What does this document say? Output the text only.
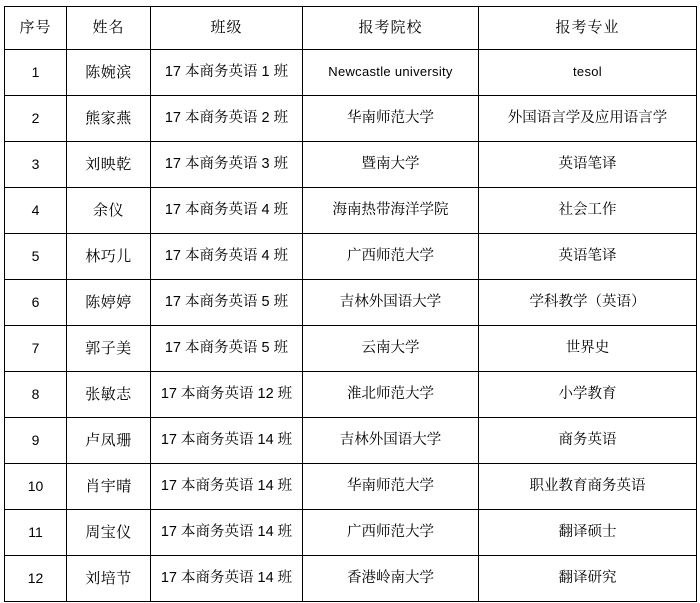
序号	姓名	班级	报考院校	报考专业
1	陈婉滨	17 本商务英语 1 班	Newcastle university	tesol
2	熊家燕	17 本商务英语 2 班	华南师范大学	外国语言学及应用语言学
3	刘映乾	17 本商务英语 3 班	暨南大学	英语笔译
4	余仪	17 本商务英语 4 班	海南热带海洋学院	社会工作
5	林巧儿	17 本商务英语 4 班	广西师范大学	英语笔译
6	陈婷婷	17 本商务英语 5 班	吉林外国语大学	学科教学（英语）
7	郭子美	17 本商务英语 5 班	云南大学	世界史
8	张敏志	17 本商务英语 12 班	淮北师范大学	小学教育
9	卢凤珊	17 本商务英语 14 班	吉林外国语大学	商务英语
10	肖宇晴	17 本商务英语 14 班	华南师范大学	职业教育商务英语
11	周宝仪	17 本商务英语 14 班	广西师范大学	翻译硕士
12	刘培节	17 本商务英语 14 班	香港岭南大学	翻译研究
